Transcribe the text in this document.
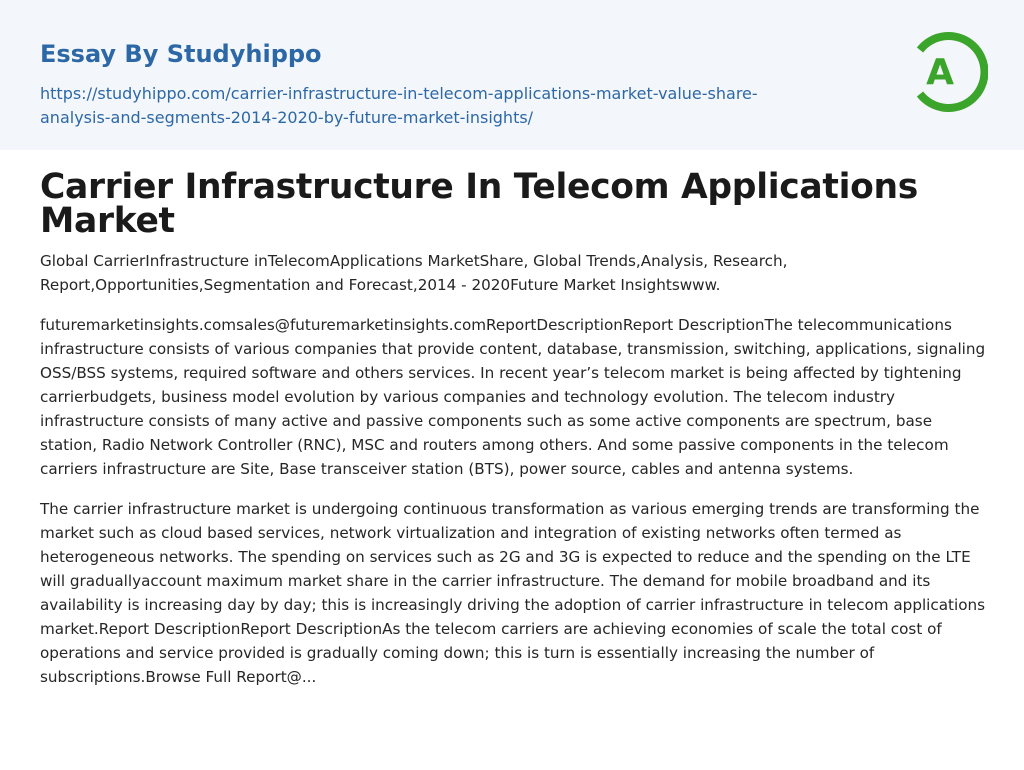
Essay By Studyhippo
https://studyhippo.com/carrier-infrastructure-in-telecom-applications-market-value-share-
analysis-and-segments-2014-2020-by-future-market-insights/
A
Carrier Infrastructure In Telecom Applications Market

Global CarrierInfrastructure inTelecomApplications MarketShare, Global Trends,Analysis, Research, Report,Opportunities,Segmentation and Forecast,2014 - 2020Future Market Insightswww.

futuremarketinsights.comsales@futuremarketinsights.comReportDescriptionReport DescriptionThe telecommunications infrastructure consists of various companies that provide content, database, transmission, switching, applications, signaling OSS/BSS systems, required software and others services. In recent year’s telecom market is being affected by tightening carrierbudgets, business model evolution by various companies and technology evolution. The telecom industry infrastructure consists of many active and passive components such as some active components are spectrum, base station, Radio Network Controller (RNC), MSC and routers among others. And some passive components in the telecom carriers infrastructure are Site, Base transceiver station (BTS), power source, cables and antenna systems.

The carrier infrastructure market is undergoing continuous transformation as various emerging trends are transforming the market such as cloud based services, network virtualization and integration of existing networks often termed as heterogeneous networks. The spending on services such as 2G and 3G is expected to reduce and the spending on the LTE will graduallyaccount maximum market share in the carrier infrastructure. The demand for mobile broadband and its availability is increasing day by day; this is increasingly driving the adoption of carrier infrastructure in telecom applications market.Report DescriptionReport DescriptionAs the telecom carriers are achieving economies of scale the total cost of operations and service provided is gradually coming down; this is turn is essentially increasing the number of subscriptions.Browse Full Report@...
